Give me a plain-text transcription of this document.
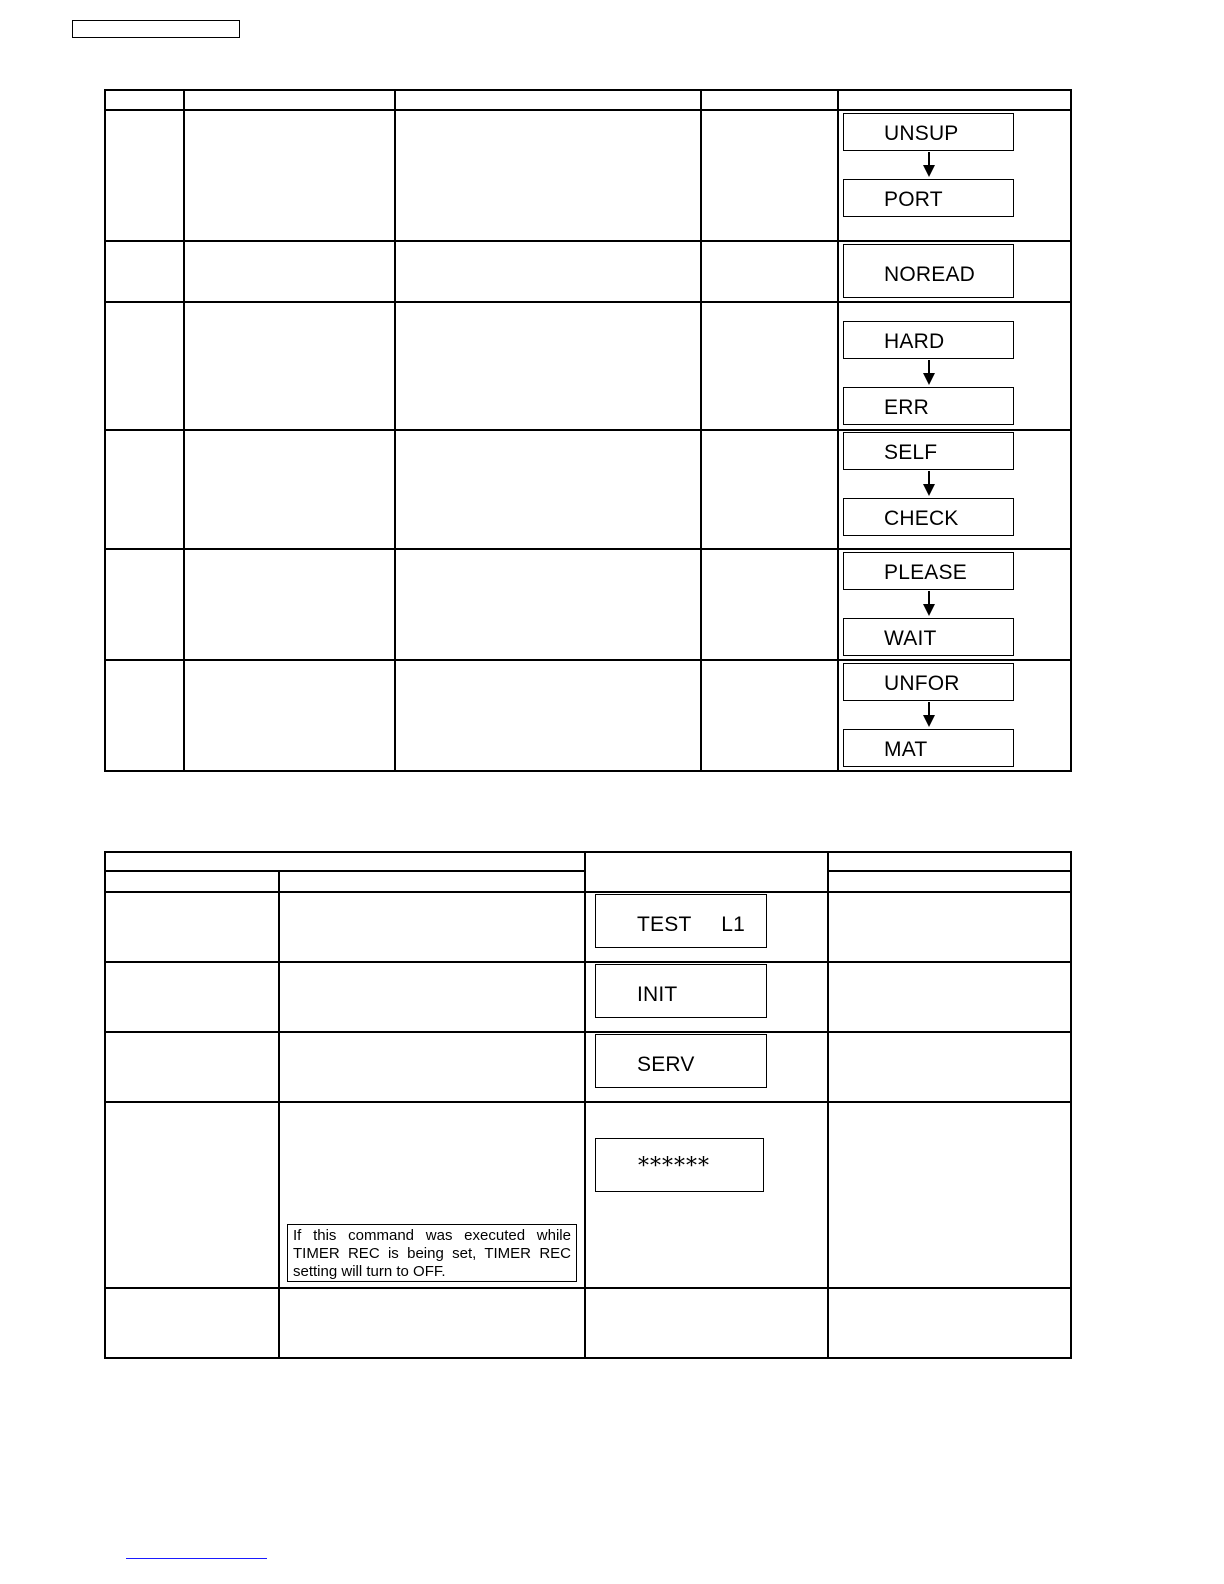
UNSUP
PORT
NOREAD
HARD
ERR
SELF
CHECK
PLEASE
WAIT
UNFOR
MAT
TEST     L1
INIT
SERV
******
If this command was executed while TIMER REC is being set, TIMER REC setting will turn to OFF.
